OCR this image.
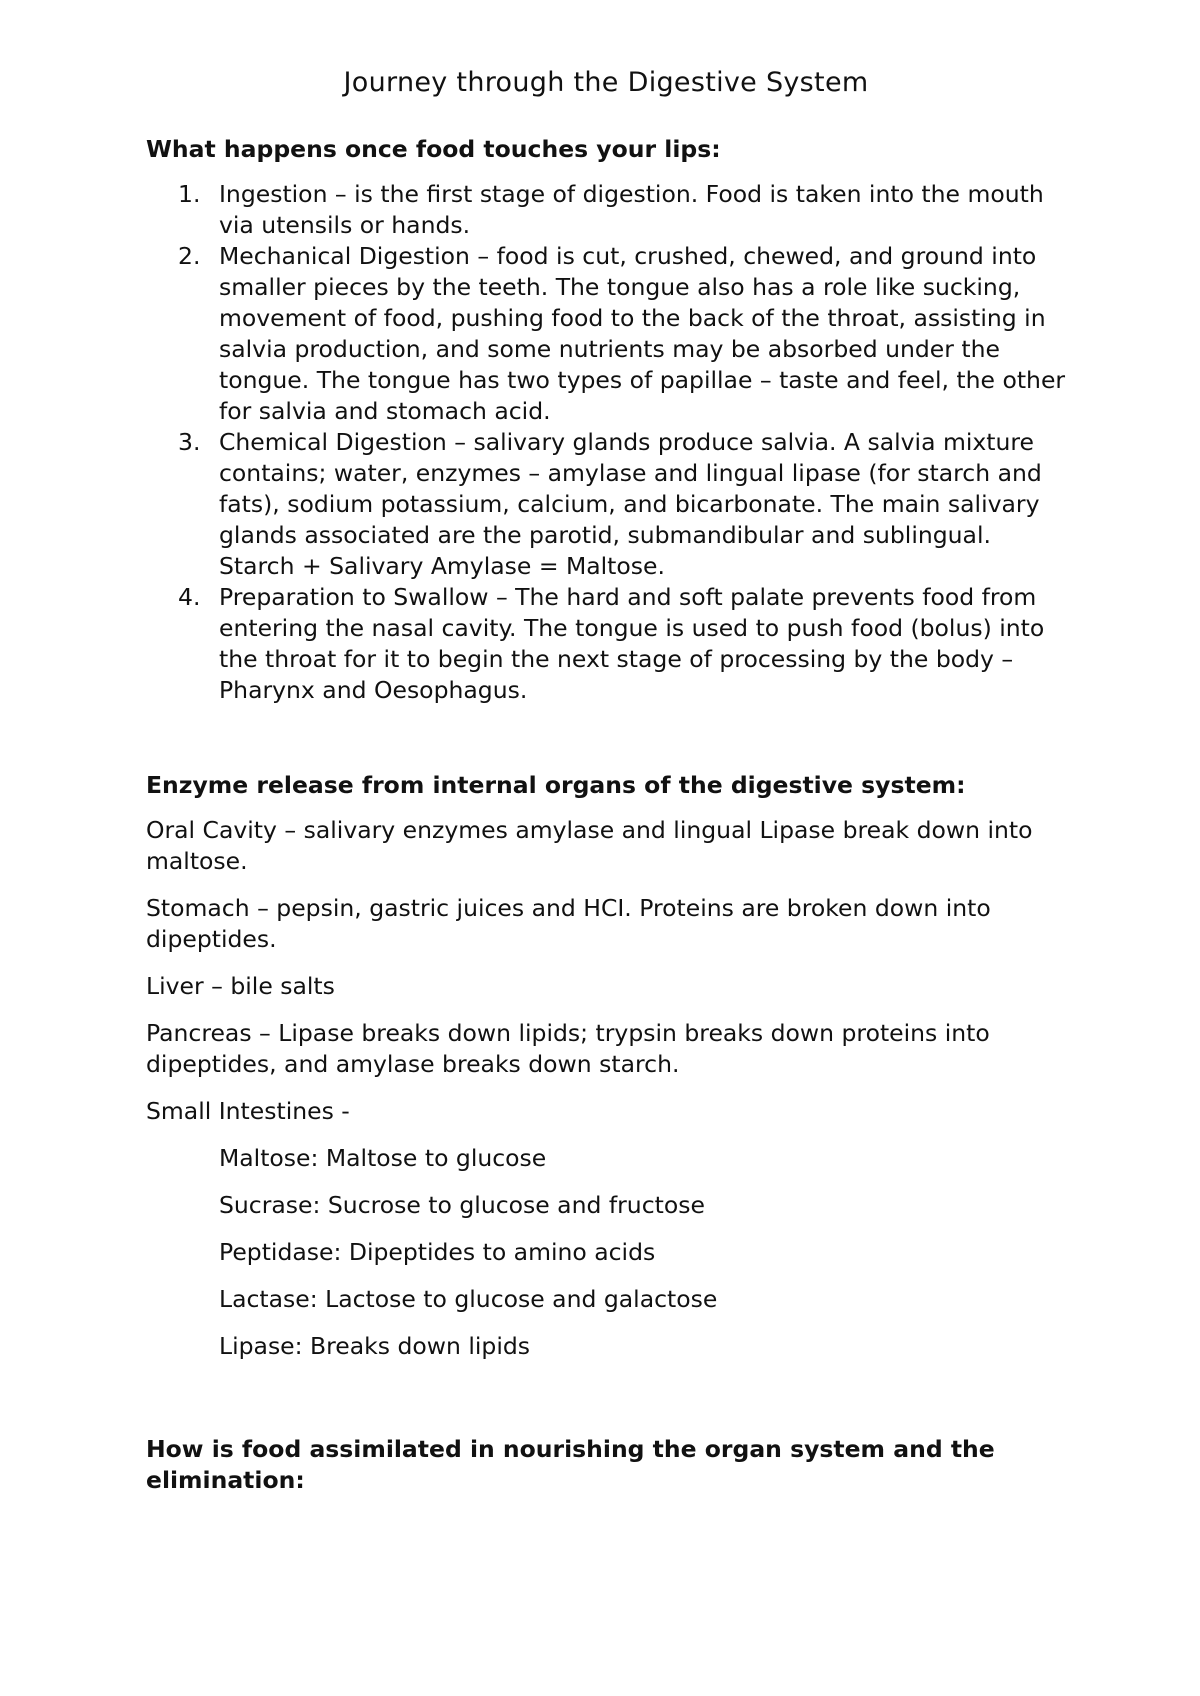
Journey through the Digestive System
What happens once food touches your lips:
1. Ingestion – is the first stage of digestion. Food is taken into the mouth via utensils or hands.
2. Mechanical Digestion – food is cut, crushed, chewed, and ground into smaller pieces by the teeth. The tongue also has a role like sucking, movement of food, pushing food to the back of the throat, assisting in salvia production, and some nutrients may be absorbed under the tongue. The tongue has two types of papillae – taste and feel, the other for salvia and stomach acid.
3. Chemical Digestion – salivary glands produce salvia. A salvia mixture contains; water, enzymes – amylase and lingual lipase (for starch and fats), sodium potassium, calcium, and bicarbonate. The main salivary glands associated are the parotid, submandibular and sublingual. Starch + Salivary Amylase = Maltose.
4. Preparation to Swallow – The hard and soft palate prevents food from entering the nasal cavity. The tongue is used to push food (bolus) into the throat for it to begin the next stage of processing by the body – Pharynx and Oesophagus.
Enzyme release from internal organs of the digestive system:

Oral Cavity – salivary enzymes amylase and lingual Lipase break down into maltose.

Stomach – pepsin, gastric juices and HCI. Proteins are broken down into dipeptides.

Liver – bile salts

Pancreas – Lipase breaks down lipids; trypsin breaks down proteins into dipeptides, and amylase breaks down starch.

Small Intestines -

Maltose: Maltose to glucose

Sucrase: Sucrose to glucose and fructose

Peptidase: Dipeptides to amino acids

Lactase: Lactose to glucose and galactose

Lipase: Breaks down lipids

How is food assimilated in nourishing the organ system and the elimination:
